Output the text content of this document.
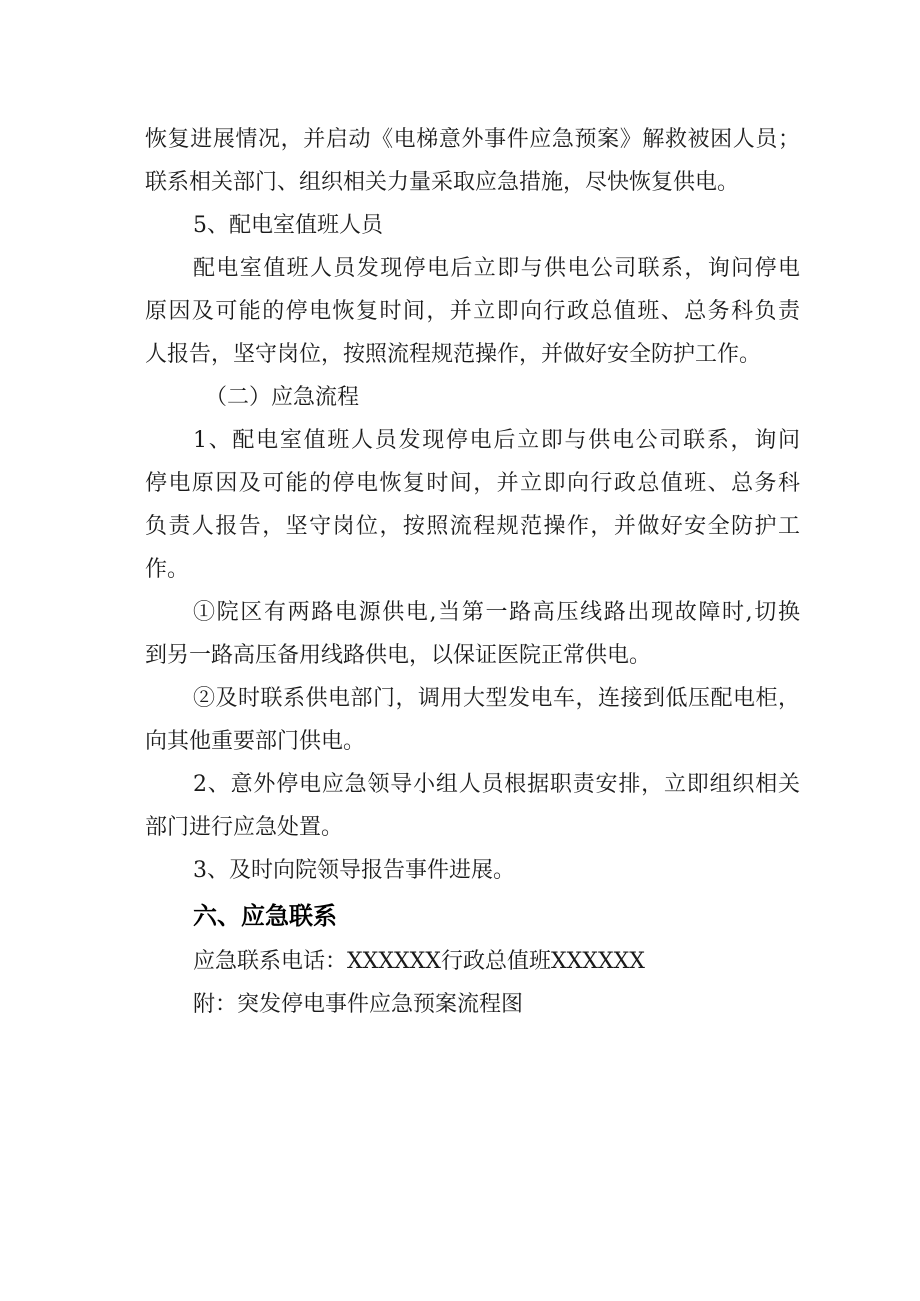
恢复进展情况，并启动《电梯意外事件应急预案》解救被困人员；
联系相关部门、组织相关力量采取应急措施，尽快恢复供电。
5、配电室值班人员
配电室值班人员发现停电后立即与供电公司联系，询问停电
原因及可能的停电恢复时间，并立即向行政总值班、总务科负责
人报告，坚守岗位，按照流程规范操作，并做好安全防护工作。
（二）应急流程
1、配电室值班人员发现停电后立即与供电公司联系，询问
停电原因及可能的停电恢复时间，并立即向行政总值班、总务科
负责人报告，坚守岗位，按照流程规范操作，并做好安全防护工
作。
①院区有两路电源供电,当第一路高压线路出现故障时,切换
到另一路高压备用线路供电，以保证医院正常供电。
②及时联系供电部门，调用大型发电车，连接到低压配电柜，
向其他重要部门供电。
2、意外停电应急领导小组人员根据职责安排，立即组织相关
部门进行应急处置。
3、及时向院领导报告事件进展。
六、应急联系
应急联系电话：XXXXXX行政总值班XXXXXX
附：突发停电事件应急预案流程图
